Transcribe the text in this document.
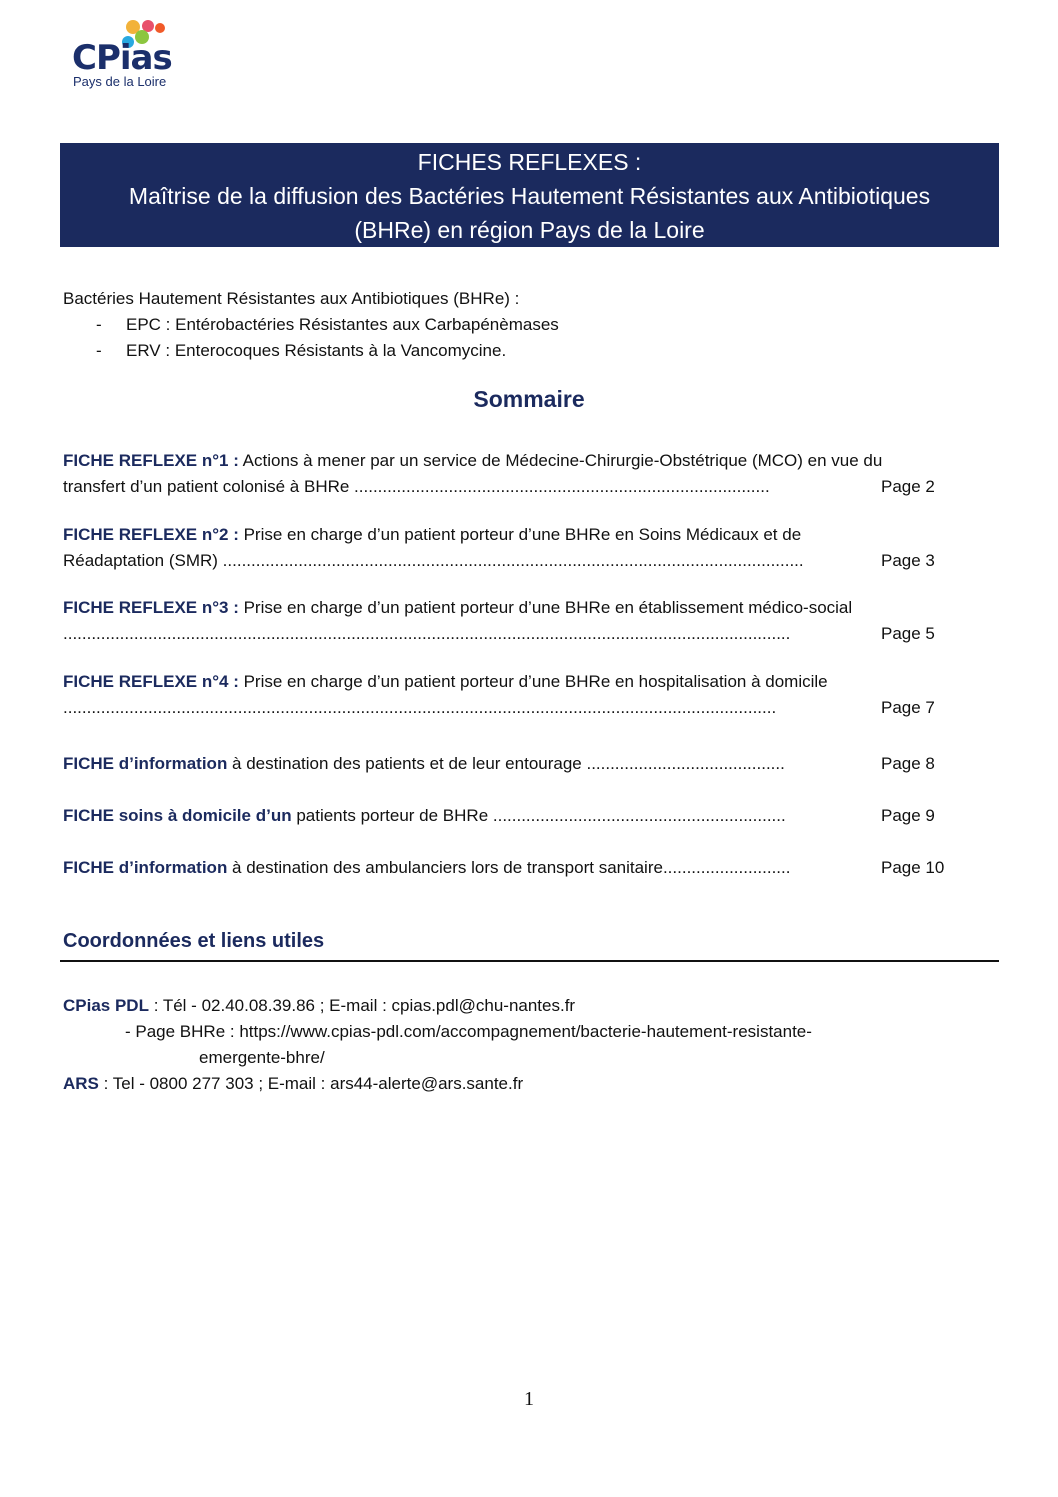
CPias
Pays de la Loire
FICHES REFLEXES :
Maîtrise de la diffusion des Bactéries Hautement Résistantes aux Antibiotiques
(BHRe) en région Pays de la Loire
Bactéries Hautement Résistantes aux Antibiotiques (BHRe) :
- EPC : Entérobactéries Résistantes aux Carbapénèmases
- ERV : Enterocoques Résistants à la Vancomycine.
Sommaire
FICHE REFLEXE n°1 : Actions à mener par un service de Médecine-Chirurgie-Obstétrique (MCO) en vue du
transfert d’un patient colonisé à BHRe ........................................................................................	Page 2
FICHE REFLEXE n°2 : Prise en charge d’un patient porteur d’une BHRe en Soins Médicaux et de
Réadaptation (SMR) ...........................................................................................................................	Page 3
FICHE REFLEXE n°3 : Prise en charge d’un patient porteur d’une BHRe en établissement médico-social
..........................................................................................................................................................	Page 5
FICHE REFLEXE n°4 : Prise en charge d’un patient porteur d’une BHRe en hospitalisation à domicile
.......................................................................................................................................................	Page 7
FICHE d’information à destination des patients et de leur entourage ..........................................	Page 8
FICHE soins à domicile d’un patients porteur de BHRe ..............................................................	Page 9
FICHE d’information à destination des ambulanciers lors de transport sanitaire...........................	Page 10
Coordonnées et liens utiles
CPias PDL : Tél - 02.40.08.39.86 ; E-mail : cpias.pdl@chu-nantes.fr
- Page BHRe : https://www.cpias-pdl.com/accompagnement/bacterie-hautement-resistante-
emergente-bhre/
ARS : Tel - 0800 277 303 ; E-mail : ars44-alerte@ars.sante.fr
1
